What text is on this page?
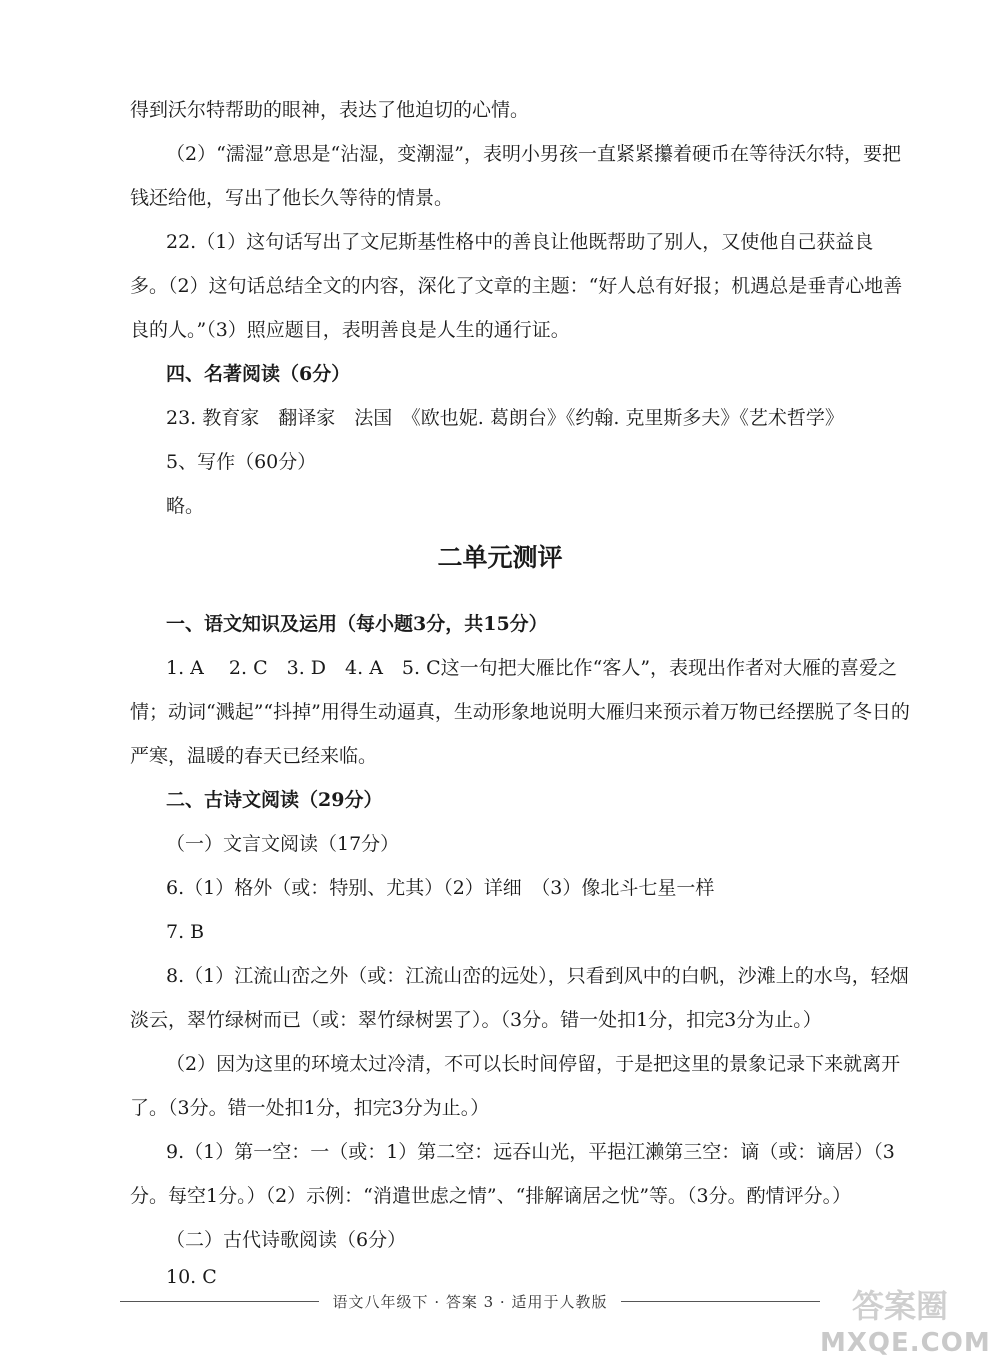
得到沃尔特帮助的眼神，表达了他迫切的心情。

（2）“濡湿”意思是“沾湿，变潮湿”，表明小男孩一直紧紧攥着硬币在等待沃尔特，要把钱还给他，写出了他长久等待的情景。

22.（1）这句话写出了文尼斯基性格中的善良让他既帮助了别人，又使他自己获益良多。（2）这句话总结全文的内容，深化了文章的主题：“好人总有好报；机遇总是垂青心地善良的人。”（3）照应题目，表明善良是人生的通行证。

四、名著阅读（6分）

23. 教育家　翻译家　法国　《欧也妮. 葛朗台》《约翰. 克里斯多夫》《艺术哲学》

5、写作（60分）

略。

二单元测评

一、语文知识及运用（每小题3分，共15分）

1. A　 2. C　3. D　4. A　5. C这一句把大雁比作“客人”，表现出作者对大雁的喜爱之情；动词“溅起”“抖掉”用得生动逼真，生动形象地说明大雁归来预示着万物已经摆脱了冬日的严寒，温暖的春天已经来临。

二、古诗文阅读（29分）

（一）文言文阅读（17分）

6.（1）格外（或：特别、尤其）（2）详细　（3）像北斗七星一样

7. B

8.（1）江流山峦之外（或：江流山峦的远处），只看到风中的白帆，沙滩上的水鸟，轻烟淡云，翠竹绿树而已（或：翠竹绿树罢了）。（3分。错一处扣1分，扣完3分为止。）

（2）因为这里的环境太过冷清，不可以长时间停留，于是把这里的景象记录下来就离开了。（3分。错一处扣1分，扣完3分为止。）

9.（1）第一空：一（或：1）第二空：远吞山光，平挹江濑第三空：谪（或：谪居）（3分。每空1分。）（2）示例：“消遣世虑之情”、“排解谪居之忧”等。（3分。酌情评分。）

（二）古代诗歌阅读（6分）

10. C

语文八年级下 · 答案 3 · 适用于人教版	答案圈
MXQE.COM
